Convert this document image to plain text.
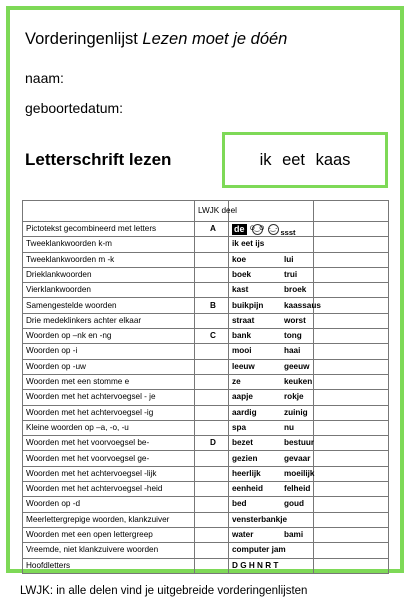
Vorderingenlijst Lezen moet je dóén
naam:
geboortedatum:
Letterschrift lezen	ik eet kaas
	LWJK deel		
Pictotekst gecombineerd met letters	A	de ʘ‿ʘ -‿- ssst	

Tweeklankwoorden k-m		ik eet ijs	
Tweeklankwoorden m -k		koe lui	
Drieklankwoorden		boek trui	
Vierklankwoorden		kast broek	
Samengestelde woorden	B	buikpijn kaassaus	
Drie medeklinkers achter elkaar		straat worst	
Woorden op –nk en -ng	C	bank tong	
Woorden op -i		mooi haai	
Woorden op -uw		leeuw geeuw	
Woorden met een stomme e		ze keuken	
Woorden met het achtervoegsel - je		aapje rokje	
Woorden met het achtervoegsel -ig		aardig zuinig	
Kleine woorden op –a, -o, -u		spa nu	
Woorden met het voorvoegsel be-	D	bezet bestuur	
Woorden met het voorvoegsel ge-		gezien gevaar	
Woorden met het achtervoegsel -lijk		heerlijk moeilijk	
Woorden met het achtervoegsel -heid		eenheid felheid	
Woorden op -d		bed goud	
Meerlettergrepige woorden, klankzuiver		vensterbankje	
Woorden met een open lettergreep		water bami	
Vreemde, niet klankzuivere woorden		computer jam	
Hoofdletters		D G H N R T	
LWJK: in alle delen vind je uitgebreide vorderingenlijsten
